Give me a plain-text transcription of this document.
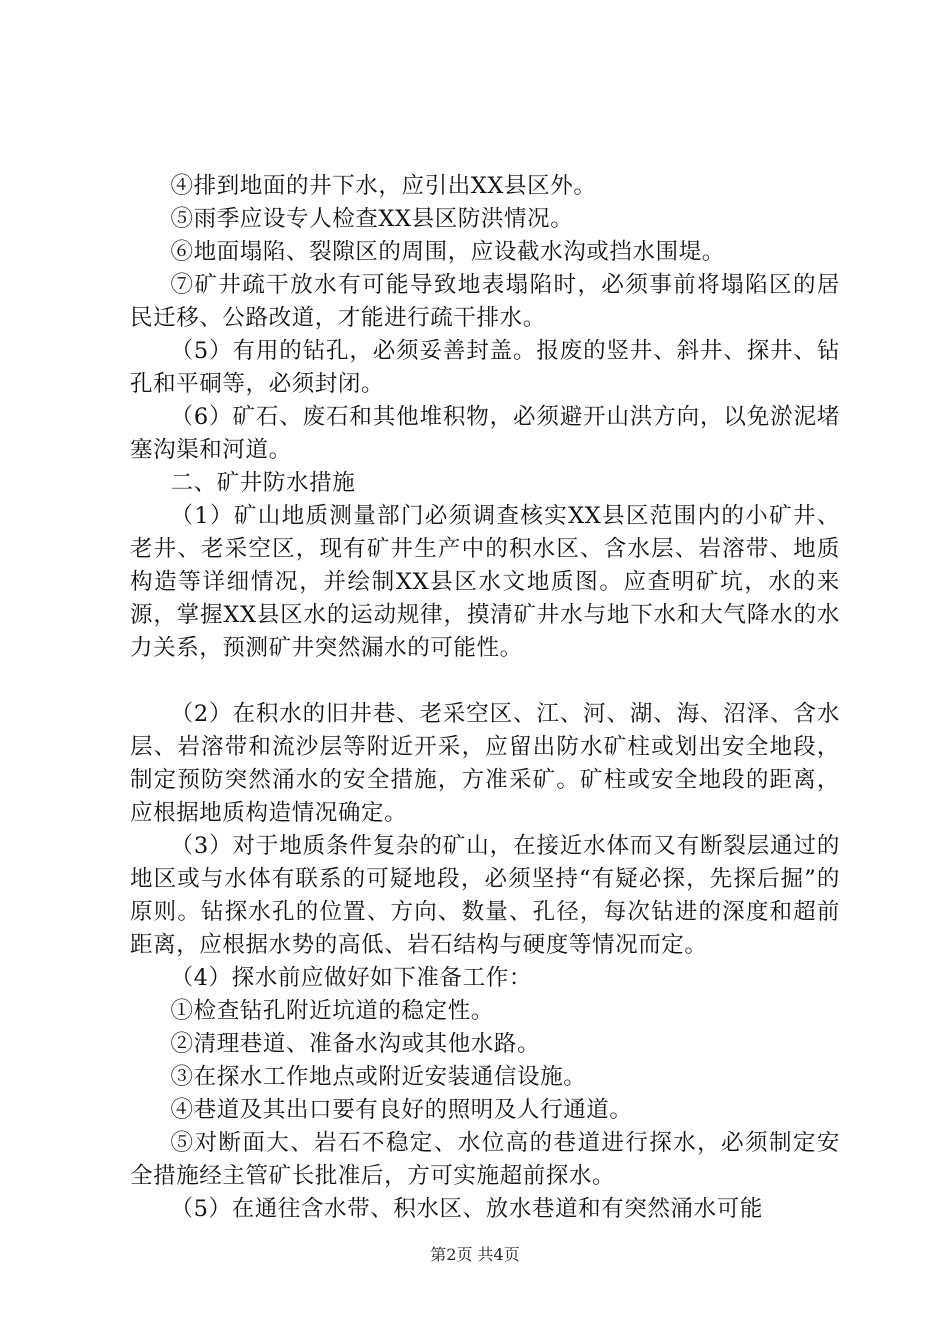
④排到地面的井下水，应引出XX县区外。

⑤雨季应设专人检查XX县区防洪情况。

⑥地面塌陷、裂隙区的周围，应设截水沟或挡水围堤。

⑦矿井疏干放水有可能导致地表塌陷时，必须事前将塌陷区的居民迁移、公路改道，才能进行疏干排水。

（5）有用的钻孔，必须妥善封盖。报废的竖井、斜井、探井、钻孔和平硐等，必须封闭。

（6）矿石、废石和其他堆积物，必须避开山洪方向，以免淤泥堵塞沟渠和河道。

二、矿井防水措施

（1）矿山地质测量部门必须调查核实XX县区范围内的小矿井、老井、老采空区，现有矿井生产中的积水区、含水层、岩溶带、地质构造等详细情况，并绘制XX县区水文地质图。应查明矿坑，水的来源，掌握XX县区水的运动规律，摸清矿井水与地下水和大气降水的水力关系，预测矿井突然漏水的可能性。

（2）在积水的旧井巷、老采空区、江、河、湖、海、沼泽、含水层、岩溶带和流沙层等附近开采，应留出防水矿柱或划出安全地段，制定预防突然涌水的安全措施，方准采矿。矿柱或安全地段的距离，应根据地质构造情况确定。

（3）对于地质条件复杂的矿山，在接近水体而又有断裂层通过的地区或与水体有联系的可疑地段，必须坚持“有疑必探，先探后掘”的原则。钻探水孔的位置、方向、数量、孔径，每次钻进的深度和超前距离，应根据水势的高低、岩石结构与硬度等情况而定。

（4）探水前应做好如下准备工作：

①检查钻孔附近坑道的稳定性。

②清理巷道、准备水沟或其他水路。

③在探水工作地点或附近安装通信设施。

④巷道及其出口要有良好的照明及人行通道。

⑤对断面大、岩石不稳定、水位高的巷道进行探水，必须制定安全措施经主管矿长批准后，方可实施超前探水。

（5）在通往含水带、积水区、放水巷道和有突然涌水可能

第2页 共4页
